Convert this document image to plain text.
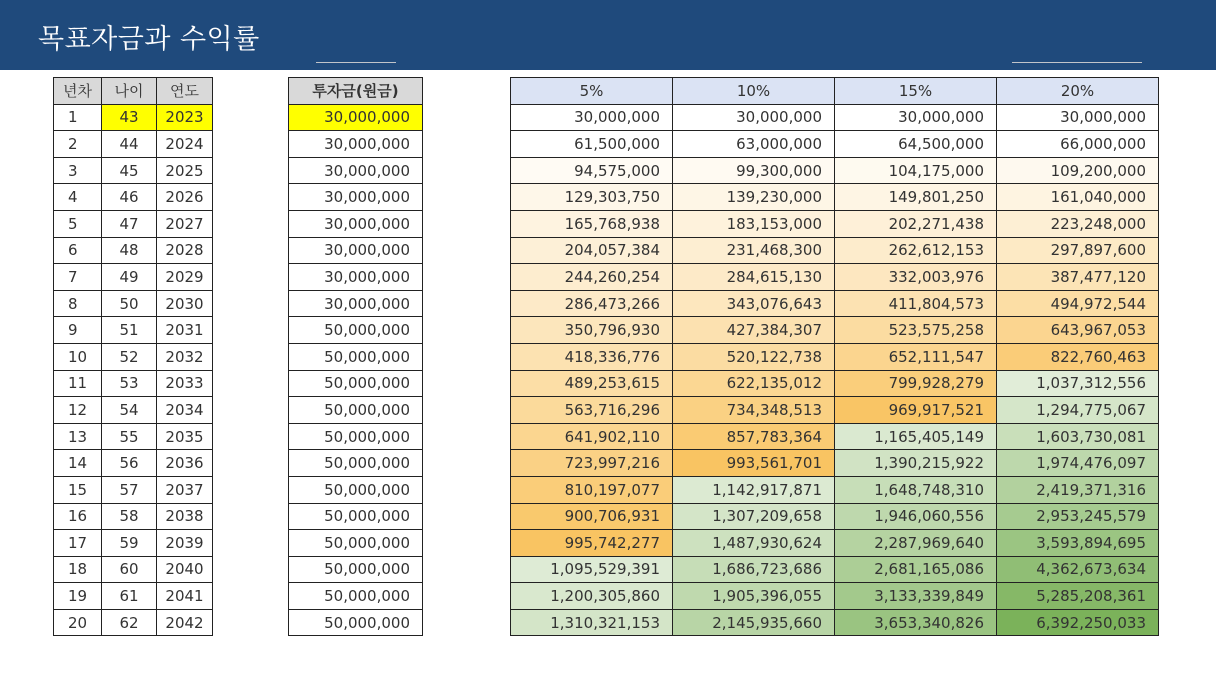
목표자금과 수익률
년차	나이	연도
1	43	2023
2	44	2024
3	45	2025
4	46	2026
5	47	2027
6	48	2028
7	49	2029
8	50	2030
9	51	2031
10	52	2032
11	53	2033
12	54	2034
13	55	2035
14	56	2036
15	57	2037
16	58	2038
17	59	2039
18	60	2040
19	61	2041
20	62	2042
투자금(원금)
30,000,000
30,000,000
30,000,000
30,000,000
30,000,000
30,000,000
30,000,000
30,000,000
50,000,000
50,000,000
50,000,000
50,000,000
50,000,000
50,000,000
50,000,000
50,000,000
50,000,000
50,000,000
50,000,000
50,000,000
5%	10%	15%	20%
30,000,000	30,000,000	30,000,000	30,000,000
61,500,000	63,000,000	64,500,000	66,000,000
94,575,000	99,300,000	104,175,000	109,200,000
129,303,750	139,230,000	149,801,250	161,040,000
165,768,938	183,153,000	202,271,438	223,248,000
204,057,384	231,468,300	262,612,153	297,897,600
244,260,254	284,615,130	332,003,976	387,477,120
286,473,266	343,076,643	411,804,573	494,972,544
350,796,930	427,384,307	523,575,258	643,967,053
418,336,776	520,122,738	652,111,547	822,760,463
489,253,615	622,135,012	799,928,279	1,037,312,556
563,716,296	734,348,513	969,917,521	1,294,775,067
641,902,110	857,783,364	1,165,405,149	1,603,730,081
723,997,216	993,561,701	1,390,215,922	1,974,476,097
810,197,077	1,142,917,871	1,648,748,310	2,419,371,316
900,706,931	1,307,209,658	1,946,060,556	2,953,245,579
995,742,277	1,487,930,624	2,287,969,640	3,593,894,695
1,095,529,391	1,686,723,686	2,681,165,086	4,362,673,634
1,200,305,860	1,905,396,055	3,133,339,849	5,285,208,361
1,310,321,153	2,145,935,660	3,653,340,826	6,392,250,033
